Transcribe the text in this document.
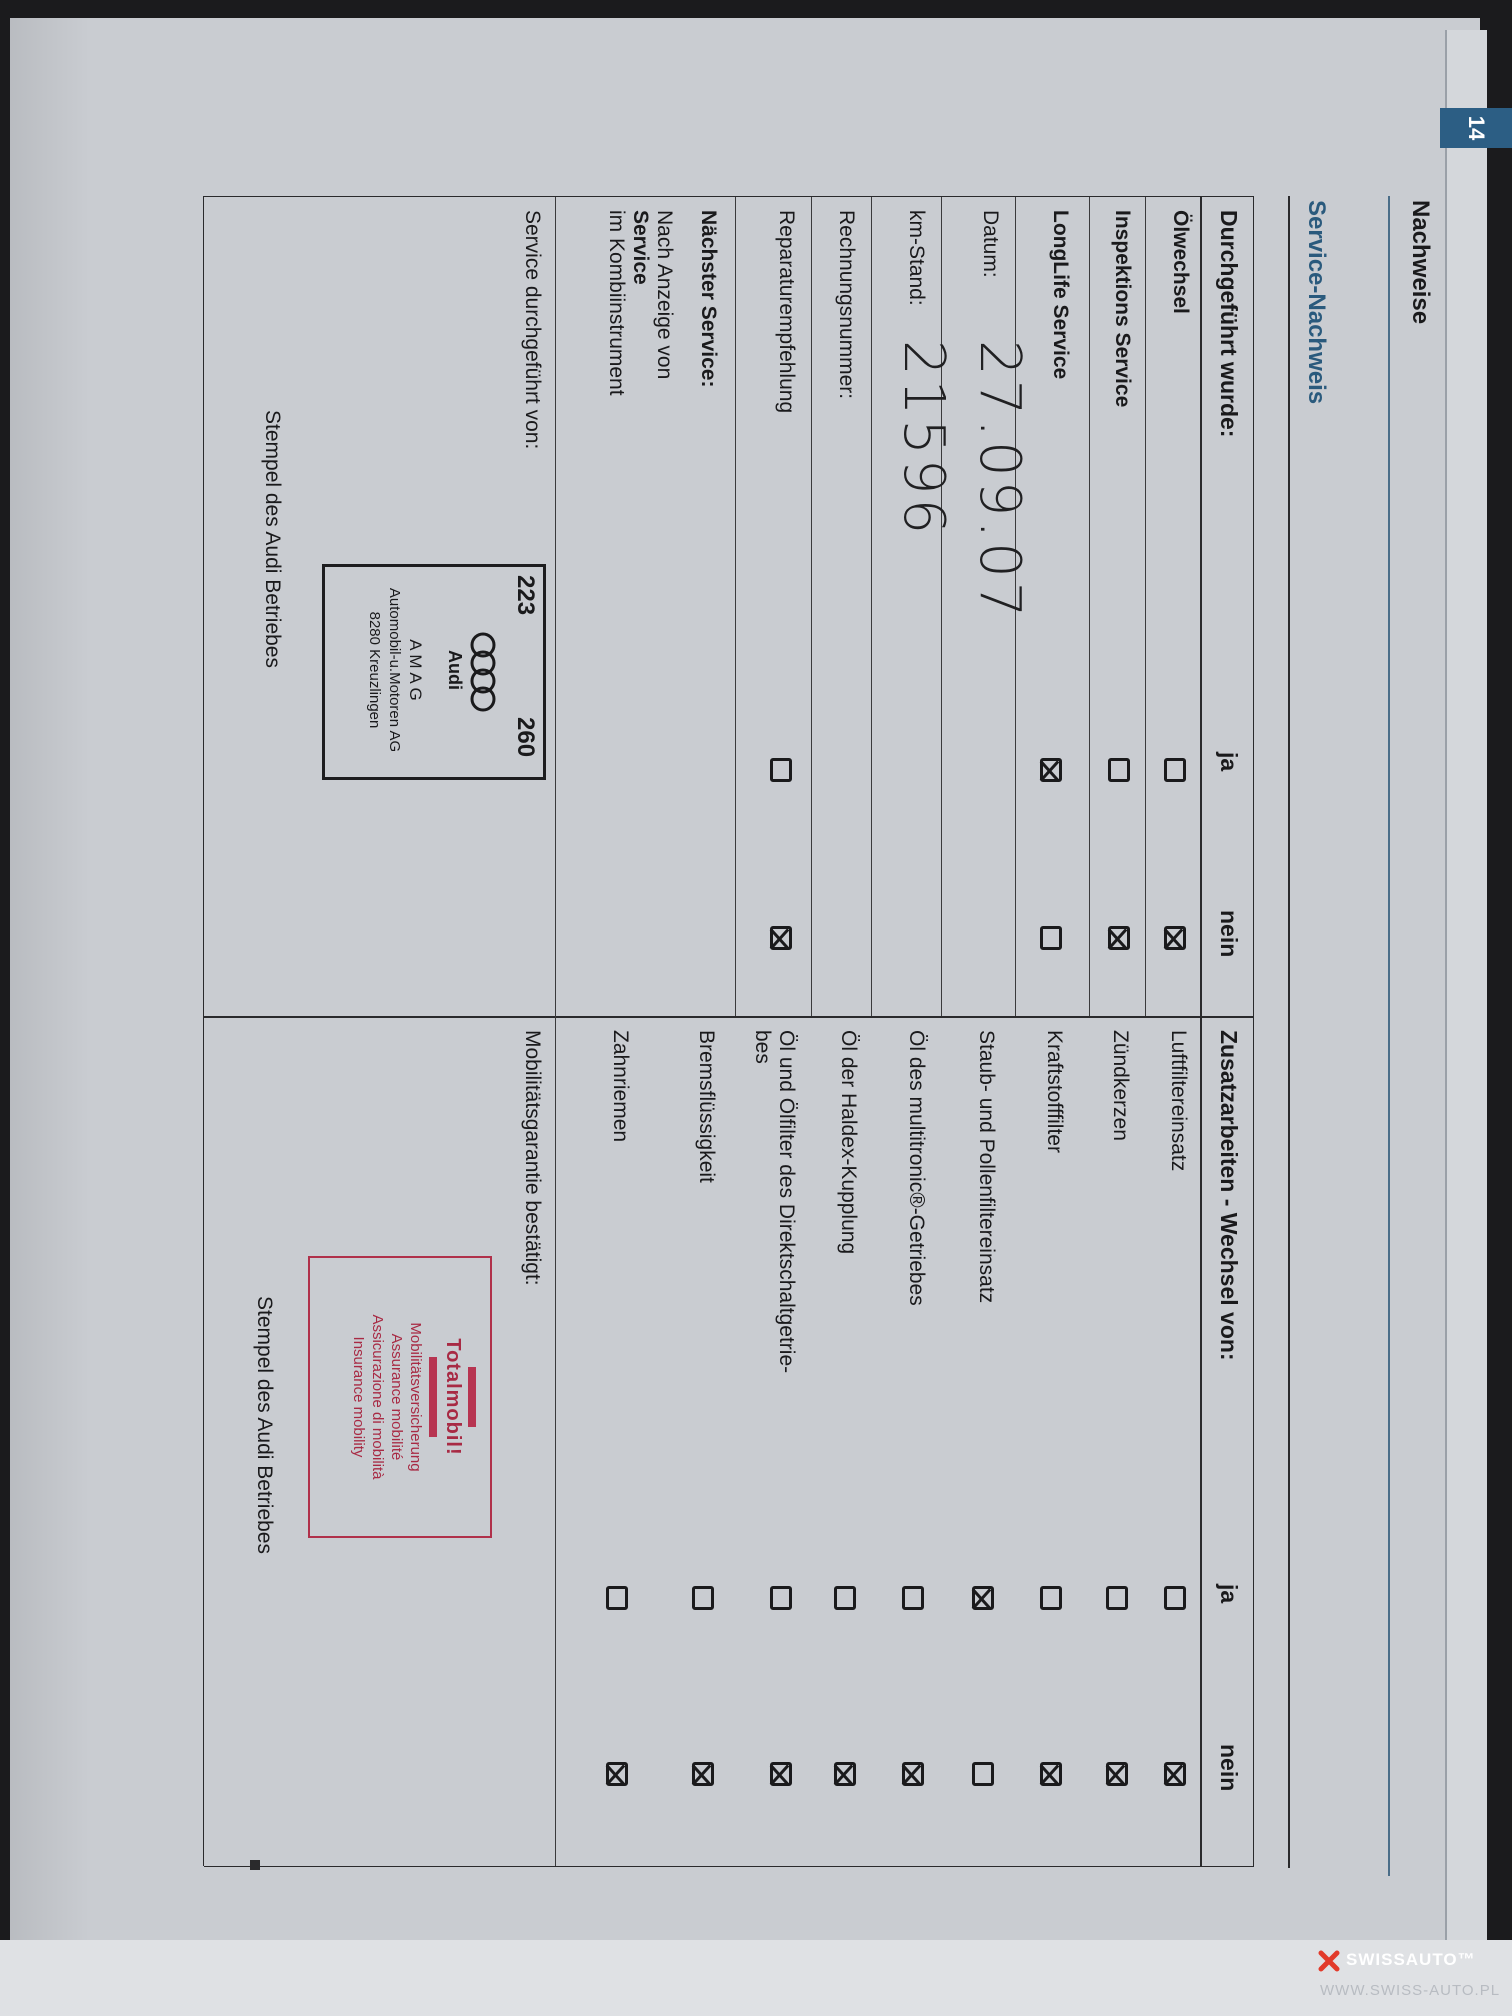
14
Nachweise
Service-Nachweis
Durchgeführt wurde:
ja
nein
Ölwechsel
Inspektions Service
LongLife Service
Datum:
27.09.07
km-Stand:
21596
Rechnungsnummer:
Reparaturempfehlung
Nächster Service:
Nach Anzeige von
Service
im Kombiinstrument
Service durchgeführt von:
223
260
Audi
A M A G
Automobil-u.Motoren AG
8280 Kreuzlingen
Stempel des Audi Betriebes
Zusatzarbeiten - Wechsel von:
ja
nein
Luftfiltereinsatz
Zündkerzen
Kraftstofffilter
Staub- und Pollenfiltereinsatz
Öl des multitronic®-Getriebes
Öl der Haldex-Kupplung
Öl und Ölfilter des Direktschaltgetrie-
bes
Bremsflüssigkeit
Zahnriemen
Mobilitätsgarantie bestätigt:
Totalmobil!
Mobilitätsversicherung
Assurance mobilité
Assicurazione di mobilità
Insurance mobility
Stempel des Audi Betriebes
SWISSAUTO™
WWW.SWISS-AUTO.PL
